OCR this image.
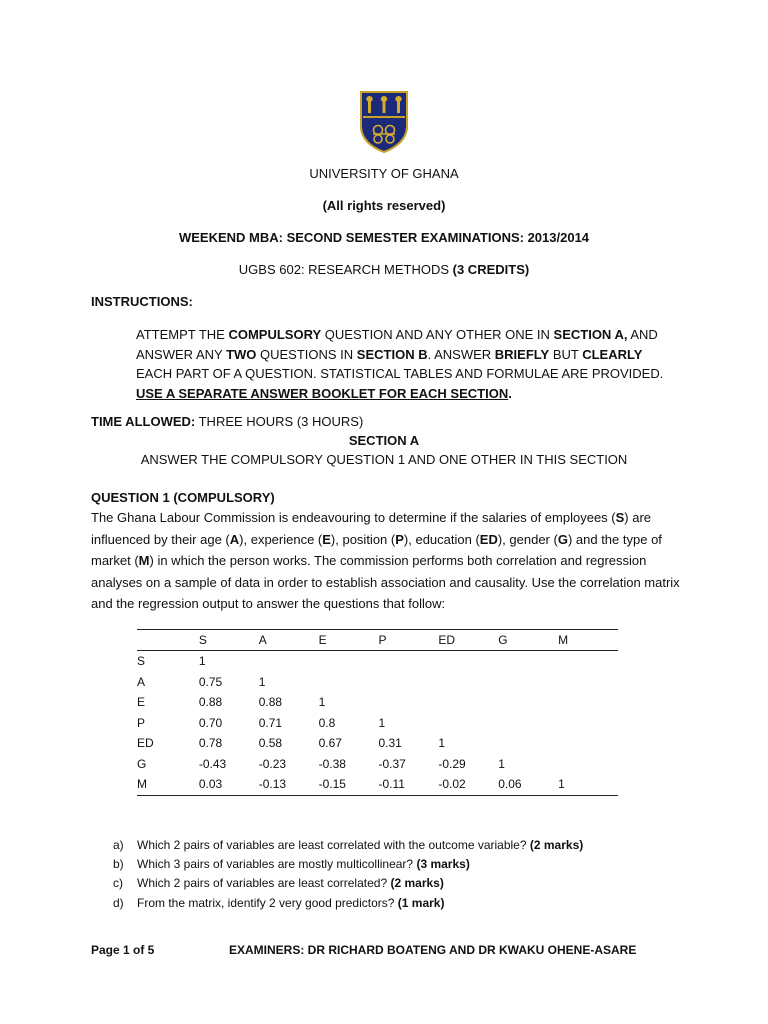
UNIVERSITY OF GHANA
(All rights reserved)
WEEKEND MBA: SECOND SEMESTER EXAMINATIONS: 2013/2014
UGBS 602: RESEARCH METHODS (3 CREDITS)
INSTRUCTIONS:
ATTEMPT THE COMPULSORY QUESTION AND ANY OTHER ONE IN SECTION A, AND ANSWER ANY TWO QUESTIONS IN SECTION B. ANSWER BRIEFLY BUT CLEARLY EACH PART OF A QUESTION. STATISTICAL TABLES AND FORMULAE ARE PROVIDED. USE A SEPARATE ANSWER BOOKLET FOR EACH SECTION.
TIME ALLOWED: THREE HOURS (3 HOURS)
SECTION A
ANSWER THE COMPULSORY QUESTION 1 AND ONE OTHER IN THIS SECTION
QUESTION 1 (COMPULSORY)
The Ghana Labour Commission is endeavouring to determine if the salaries of employees (S) are influenced by their age (A), experience (E), position (P), education (ED), gender (G) and the type of market (M) in which the person works. The commission performs both correlation and regression analyses on a sample of data in order to establish association and causality. Use the correlation matrix and the regression output to answer the questions that follow:
	S	A	E	P	ED	G	M
S	1						
A	0.75	1					
E	0.88	0.88	1				
P	0.70	0.71	0.8	1			
ED	0.78	0.58	0.67	0.31	1		
G	-0.43	-0.23	-0.38	-0.37	-0.29	1	
M	0.03	-0.13	-0.15	-0.11	-0.02	0.06	1
a)	Which 2 pairs of variables are least correlated with the outcome variable? (2 marks)
b)	Which 3 pairs of variables are mostly multicollinear? (3 marks)
c)	Which 2 pairs of variables are least correlated? (2 marks)
d)	From the matrix, identify 2 very good predictors? (1 mark)
Page 1 of 5	EXAMINERS: DR RICHARD BOATENG AND DR KWAKU OHENE-ASARE
